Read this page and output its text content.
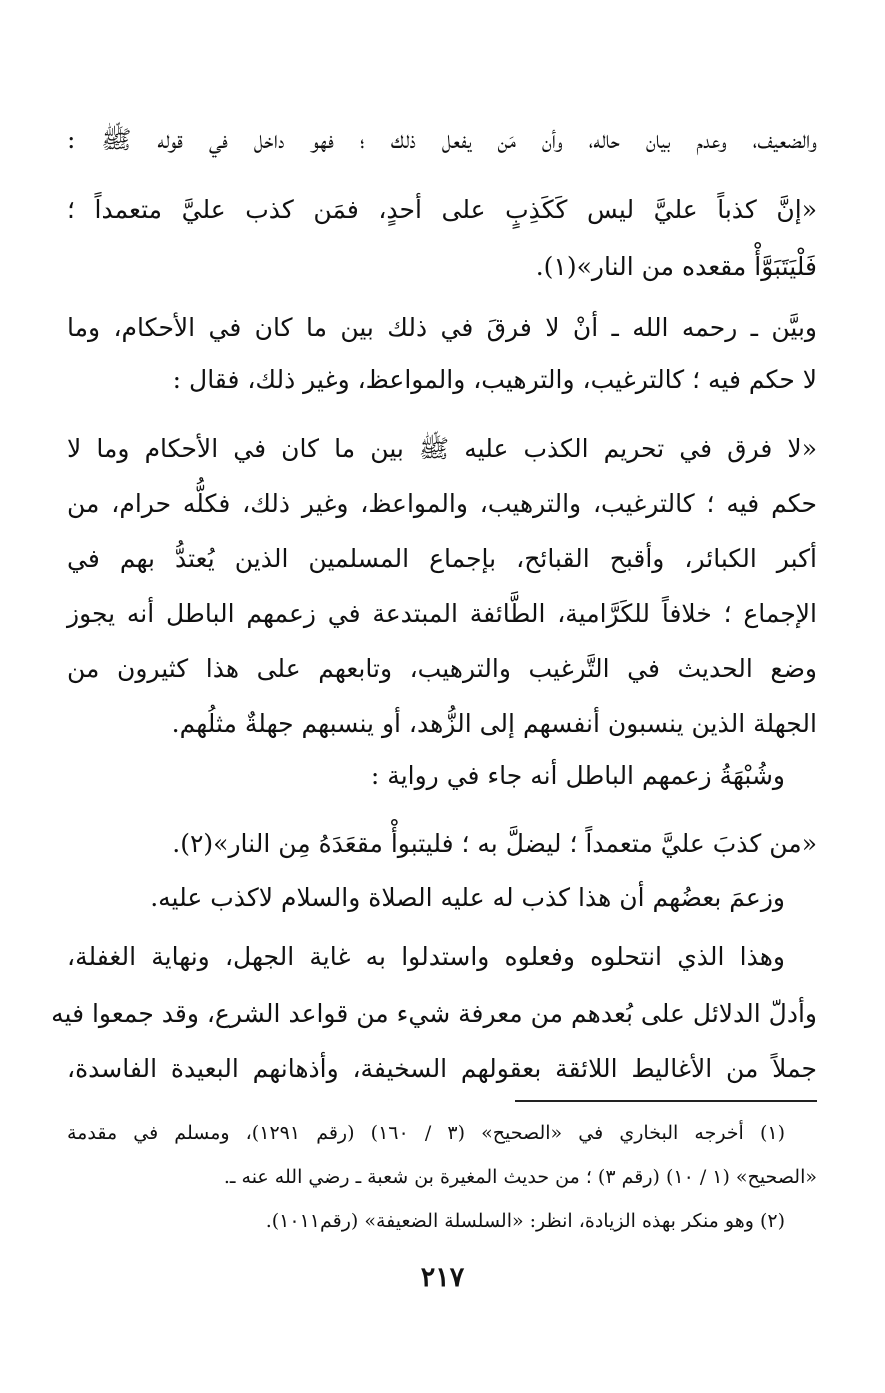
والضعيف، وعدم بيان حاله، وأن مَن يفعل ذلك ؛ فهو داخل في قوله ﷺ :
«إنَّ كذباً عليَّ ليس كَكَذِبٍ على أحدٍ، فمَن كذب عليَّ متعمداً ؛
فَلْيَتَبَوَّأْ مقعده من النار»(١).
وبيَّن ـ رحمه الله ـ أنْ لا فرقَ في ذلك بين ما كان في الأحكام، وما
لا حكم فيه ؛ كالترغيب، والترهيب، والمواعظ، وغير ذلك، فقال :
«لا فرق في تحريم الكذب عليه ﷺ بين ما كان في الأحكام وما لا
حكم فيه ؛ كالترغيب، والترهيب، والمواعظ، وغير ذلك، فكلُّه حرام، من
أكبر الكبائر، وأقبح القبائح، بإجماع المسلمين الذين يُعتدُّ بهم في
الإجماع ؛ خلافاً للكَرَّامية، الطَّائفة المبتدعة في زعمهم الباطل أنه يجوز
وضع الحديث في التَّرغيب والترهيب، وتابعهم على هذا كثيرون من
الجهلة الذين ينسبون أنفسهم إلى الزُّهد، أو ينسبهم جهلةٌ مثلُهم.
وشُبْهَةُ زعمهم الباطل أنه جاء في رواية :
«من كذبَ عليَّ متعمداً ؛ ليضلَّ به ؛ فليتبوأْ مقعَدَهُ مِن النار»(٢).
وزعمَ بعضُهم أن هذا كذب له عليه الصلاة والسلام لاكذب عليه.
وهذا الذي انتحلوه وفعلوه واستدلوا به غاية الجهل، ونهاية الغفلة،
وأدلّ الدلائل على بُعدهم من معرفة شيء من قواعد الشرع، وقد جمعوا فيه
جملاً من الأغاليط اللائقة بعقولهم السخيفة، وأذهانهم البعيدة الفاسدة،
(١) أخرجه البخاري في «الصحيح» (٣ / ١٦٠) (رقم ١٢٩١)، ومسلم في مقدمة
«الصحيح» (١ / ١٠) (رقم ٣) ؛ من حديث المغيرة بن شعبة ـ رضي الله عنه ـ.
(٢) وهو منكر بهذه الزيادة، انظر: «السلسلة الضعيفة» (رقم١٠١١).
٢١٧
